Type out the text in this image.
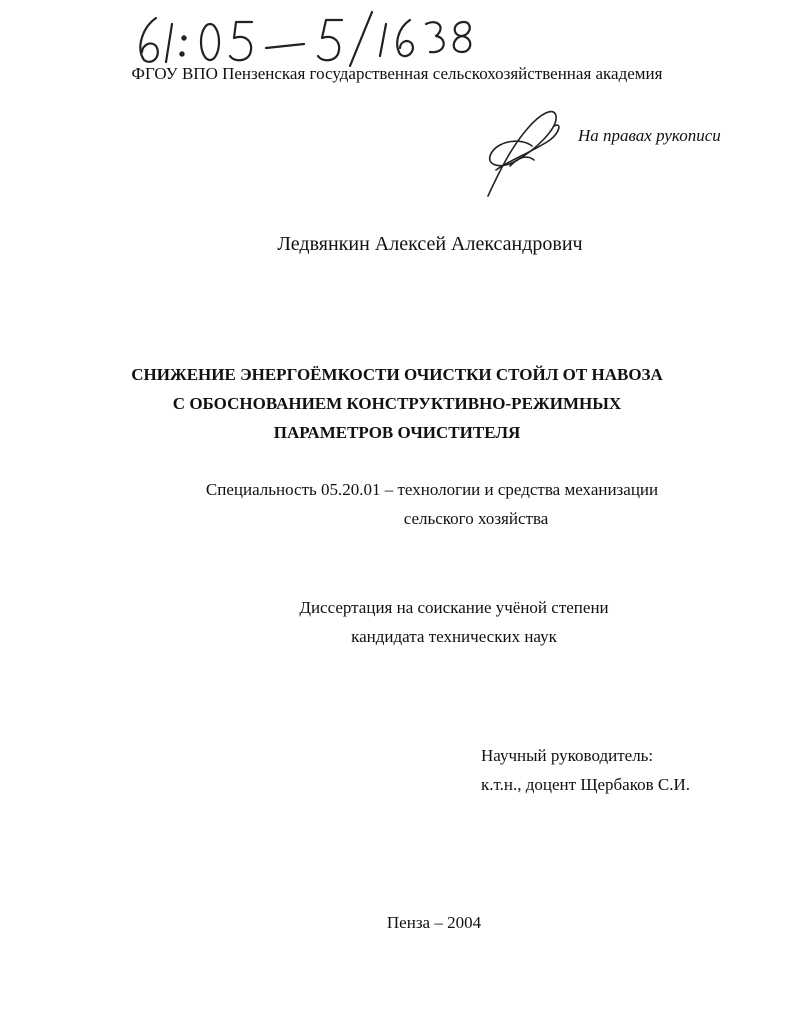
ФГОУ ВПО Пензенская государственная сельскохозяйственная академия
На правах рукописи
Ледвянкин Алексей Александрович
СНИЖЕНИЕ ЭНЕРГОЁМКОСТИ ОЧИСТКИ СТОЙЛ ОТ НАВОЗА
С ОБОСНОВАНИЕМ КОНСТРУКТИВНО-РЕЖИМНЫХ
ПАРАМЕТРОВ ОЧИСТИТЕЛЯ
Специальность 05.20.01 – технологии и средства механизации
сельского хозяйства
Диссертация на соискание учёной степени
кандидата технических наук
Научный руководитель:
к.т.н., доцент Щербаков С.И.
Пенза – 2004
